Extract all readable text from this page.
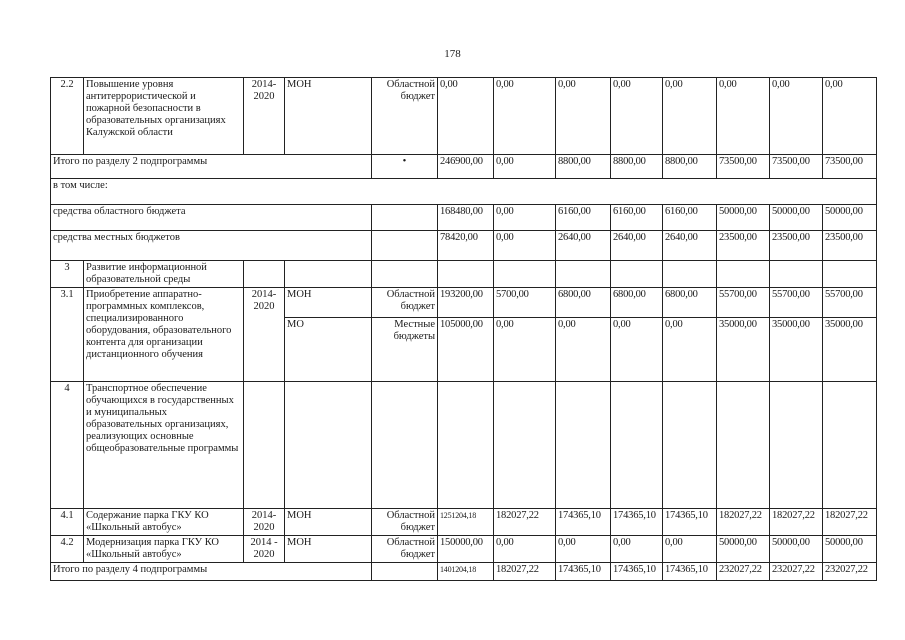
178
2.2	Повышение уровня антитеррористической и пожарной безопасности в образовательных организациях Калужской области	2014-2020	МОН	Областной бюджет	0,00	0,00	0,00	0,00	0,00	0,00	0,00	0,00
Итого по разделу 2 подпрограммы				•	246900,00	0,00	8800,00	8800,00	8800,00	73500,00	73500,00	73500,00
в том числе:												
средства областного бюджета					168480,00	0,00	6160,00	6160,00	6160,00	50000,00	50000,00	50000,00
средства местных бюджетов					78420,00	0,00	2640,00	2640,00	2640,00	23500,00	23500,00	23500,00
3	Развитие информационной образовательной среды											
3.1	Приобретение аппаратно-программных комплексов, специализированного оборудования, образовательного контента для организации дистанционного обучения	2014-2020	МОН	Областной бюджет	193200,00	5700,00	6800,00	6800,00	6800,00	55700,00	55700,00	55700,00
			МО	Местные бюджеты	105000,00	0,00	0,00	0,00	0,00	35000,00	35000,00	35000,00
4	Транспортное обеспечение обучающихся в государственных и муниципальных образовательных организациях, реализующих основные общеобразовательные программы											
4.1	Содержание парка ГКУ КО «Школьный автобус»	2014-2020	МОН	Областной бюджет	1251204,18	182027,22	174365,10	174365,10	174365,10	182027,22	182027,22	182027,22
4.2	Модернизация парка ГКУ КО «Школьный автобус»	2014 - 2020	МОН	Областной бюджет	150000,00	0,00	0,00	0,00	0,00	50000,00	50000,00	50000,00
Итого по разделу 4 подпрограммы					1401204,18	182027,22	174365,10	174365,10	174365,10	232027,22	232027,22	232027,22
